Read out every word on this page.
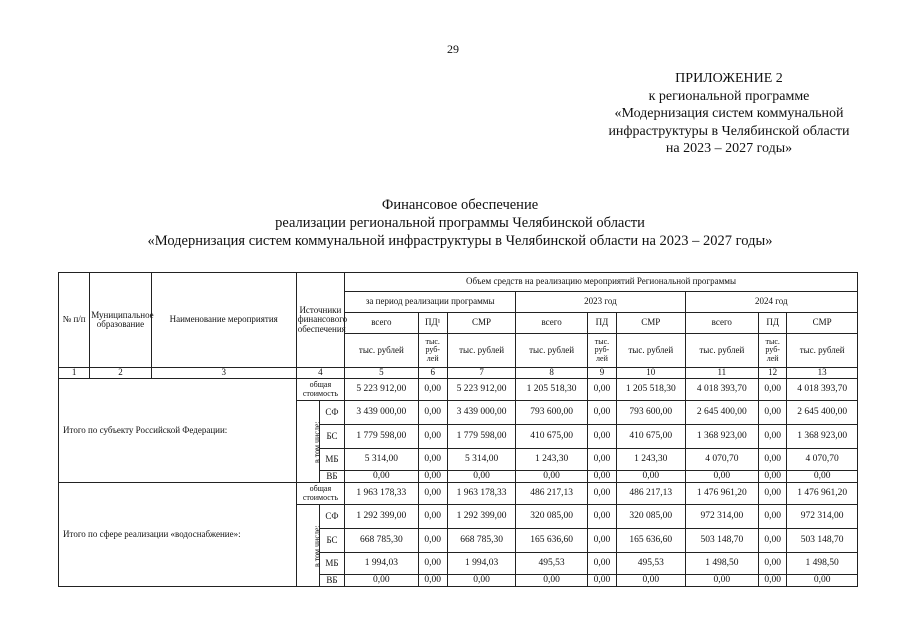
29
ПРИЛОЖЕНИЕ 2
к региональной программе
«Модернизация систем коммунальной
инфраструктуры в Челябинской области
на 2023 – 2027 годы»
Финансовое обеспечение
реализации региональной программы Челябинской области
«Модернизация систем коммунальной инфраструктуры в Челябинской области на 2023 – 2027 годы»
№ п/п	Муниципальное образование	Наименование мероприятия	Источники финансового обеспечения		Объем средств на реализацию мероприятий Региональной программы								
					за период реализации программы			2023 год			2024 год		
					всего	ПД¹	СМР	всего	ПД	СМР	всего	ПД	СМР
					тыс. рублей	тыс. руб-лей	тыс. рублей	тыс. рублей	тыс. руб-лей	тыс. рублей	тыс. рублей	тыс. руб-лей	тыс. рублей
1	2	3	4		5	6	7	8	9	10	11	12	13
Итого по субъекту Российской Федерации:			общая стоимость		5 223 912,00	0,00	5 223 912,00	1 205 518,30	0,00	1 205 518,30	4 018 393,70	0,00	4 018 393,70
			в том числе:	СФ	3 439 000,00	0,00	3 439 000,00	793 600,00	0,00	793 600,00	2 645 400,00	0,00	2 645 400,00
				БС	1 779 598,00	0,00	1 779 598,00	410 675,00	0,00	410 675,00	1 368 923,00	0,00	1 368 923,00
				МБ	5 314,00	0,00	5 314,00	1 243,30	0,00	1 243,30	4 070,70	0,00	4 070,70
				ВБ	0,00	0,00	0,00	0,00	0,00	0,00	0,00	0,00	0,00
Итого по сфере реализации «водоснабжение»:			общая стоимость		1 963 178,33	0,00	1 963 178,33	486 217,13	0,00	486 217,13	1 476 961,20	0,00	1 476 961,20
			в том числе:	СФ	1 292 399,00	0,00	1 292 399,00	320 085,00	0,00	320 085,00	972 314,00	0,00	972 314,00
				БС	668 785,30	0,00	668 785,30	165 636,60	0,00	165 636,60	503 148,70	0,00	503 148,70
				МБ	1 994,03	0,00	1 994,03	495,53	0,00	495,53	1 498,50	0,00	1 498,50
				ВБ	0,00	0,00	0,00	0,00	0,00	0,00	0,00	0,00	0,00
